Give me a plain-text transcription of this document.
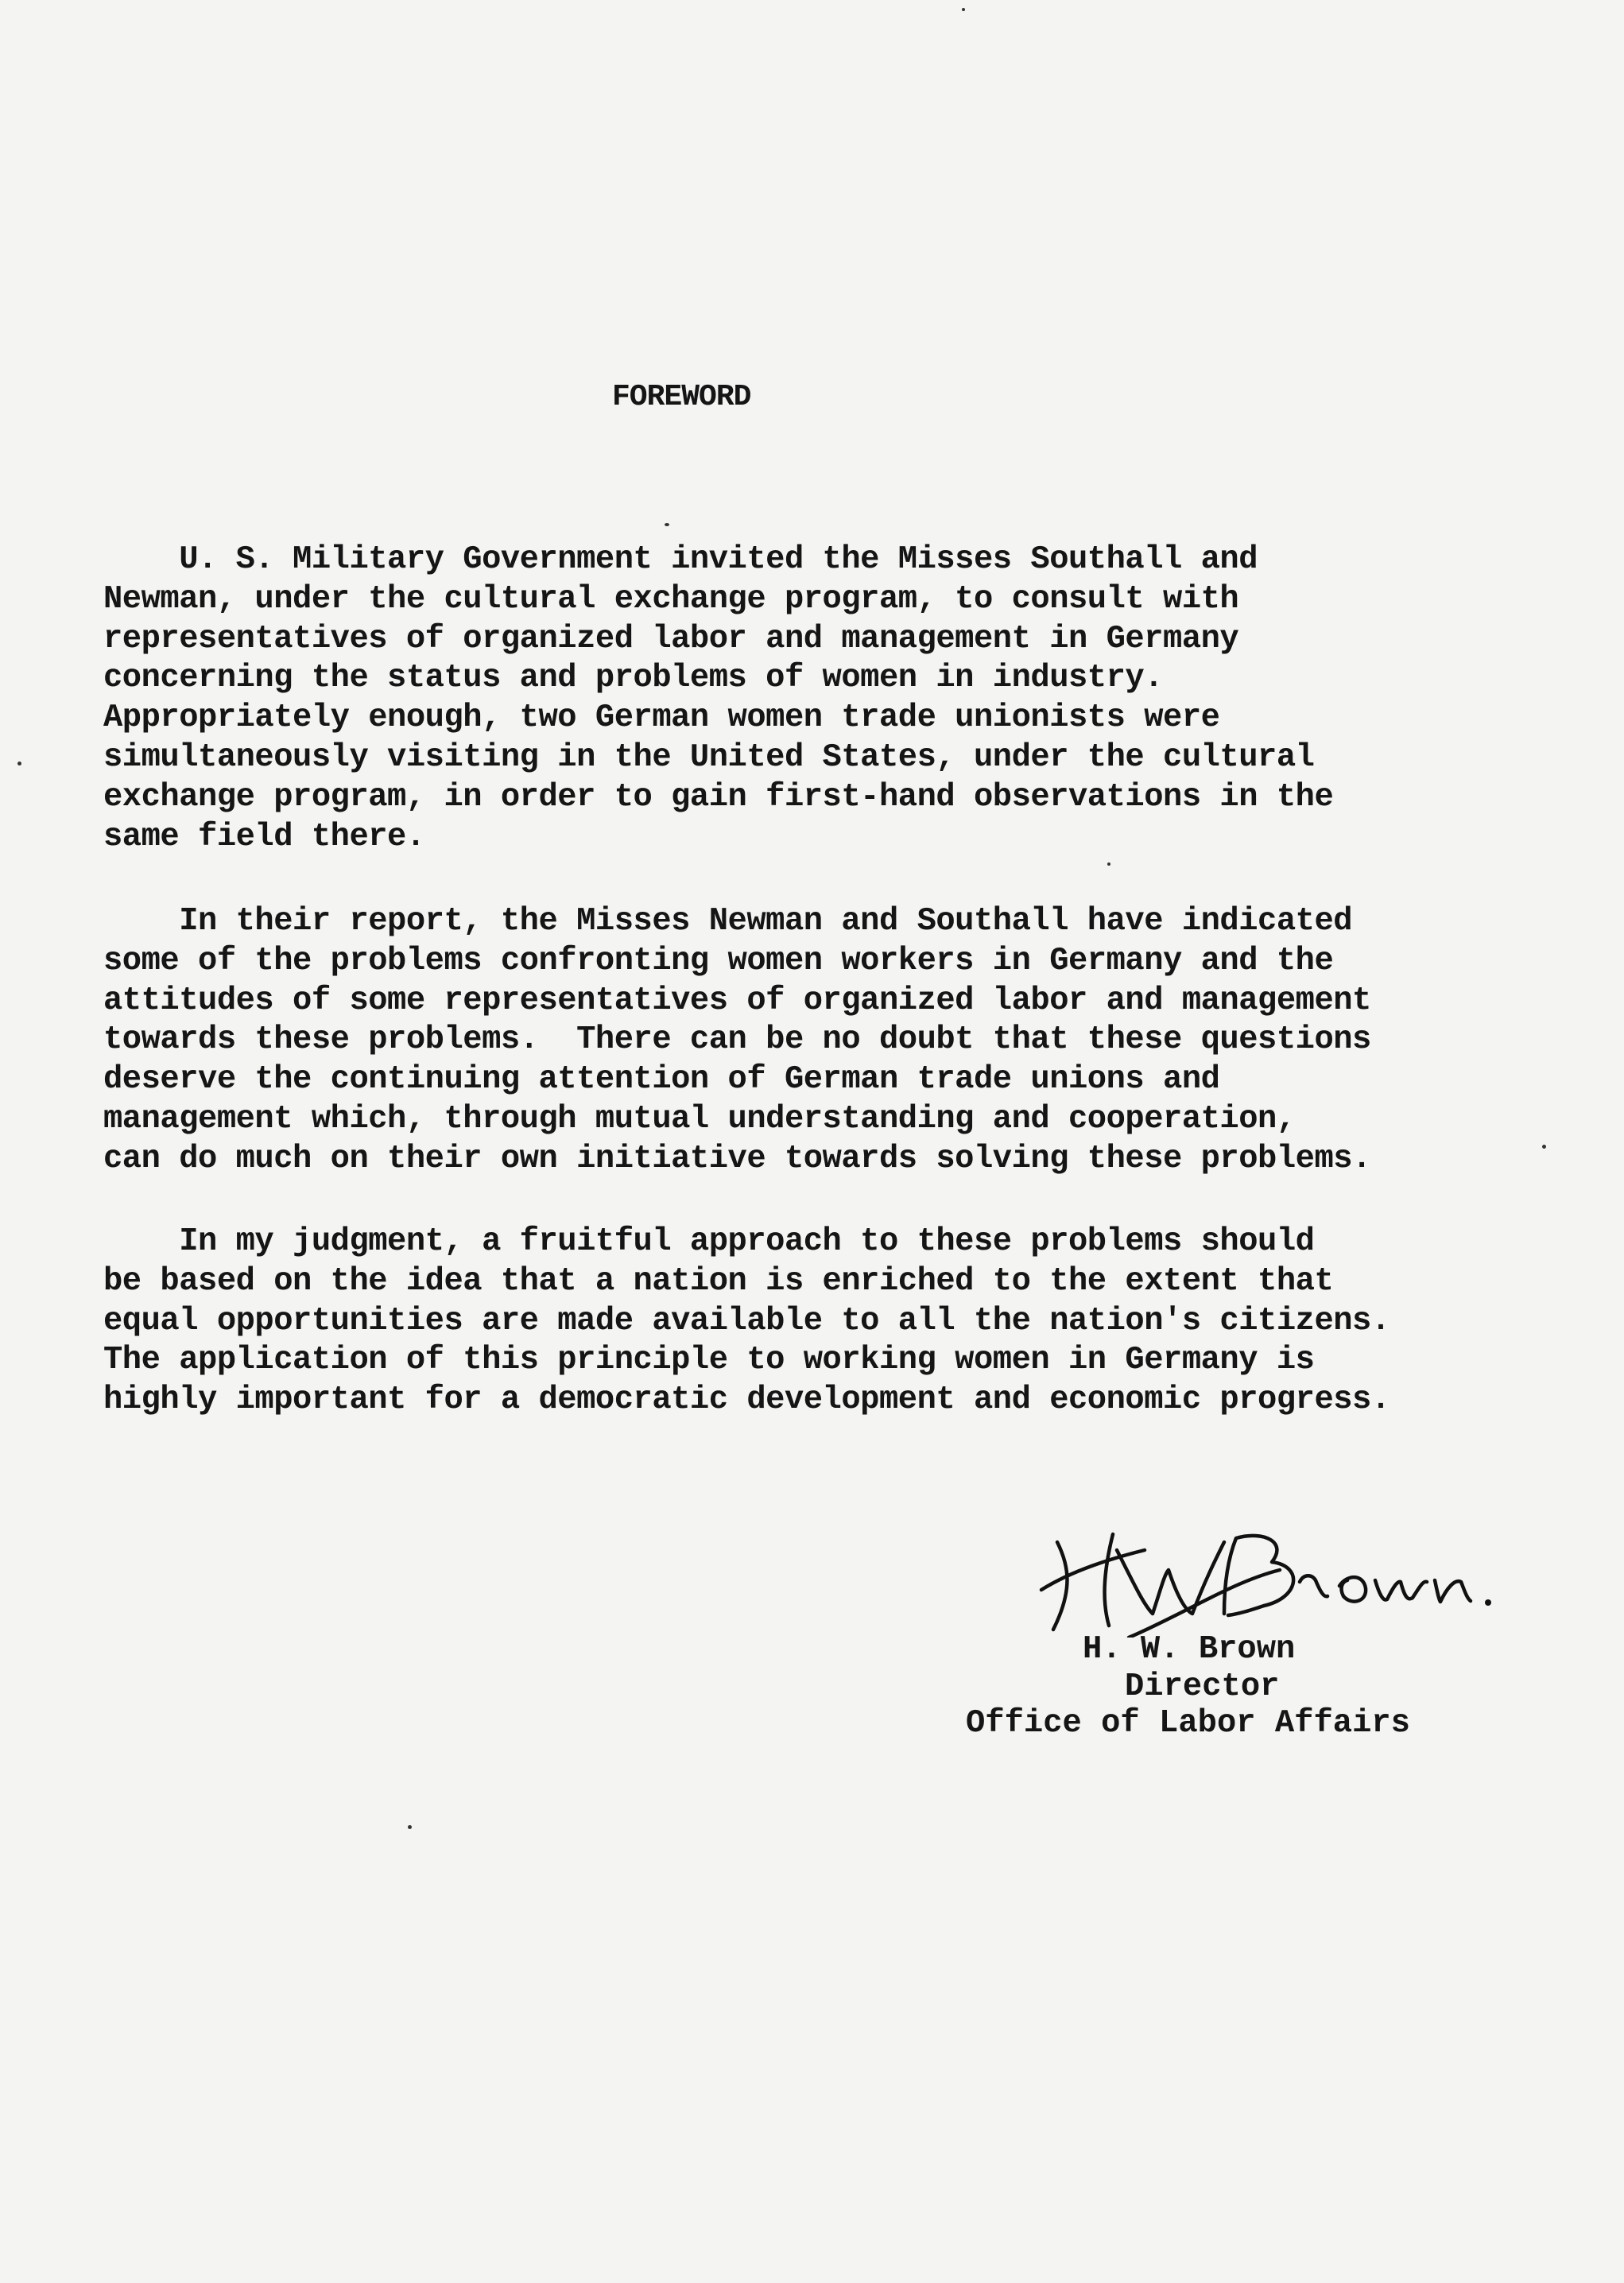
FOREWORD
U. S. Military Government invited the Misses Southall and
Newman, under the cultural exchange program, to consult with
representatives of organized labor and management in Germany
concerning the status and problems of women in industry.
Appropriately enough, two German women trade unionists were
simultaneously visiting in the United States, under the cultural
exchange program, in order to gain first-hand observations in the
same field there.
In their report, the Misses Newman and Southall have indicated
some of the problems confronting women workers in Germany and the
attitudes of some representatives of organized labor and management
towards these problems.  There can be no doubt that these questions
deserve the continuing attention of German trade unions and
management which, through mutual understanding and cooperation,
can do much on their own initiative towards solving these problems.
In my judgment, a fruitful approach to these problems should
be based on the idea that a nation is enriched to the extent that
equal opportunities are made available to all the nation's citizens.
The application of this principle to working women in Germany is
highly important for a democratic development and economic progress.
H. W. Brown
Director
Office of Labor Affairs
